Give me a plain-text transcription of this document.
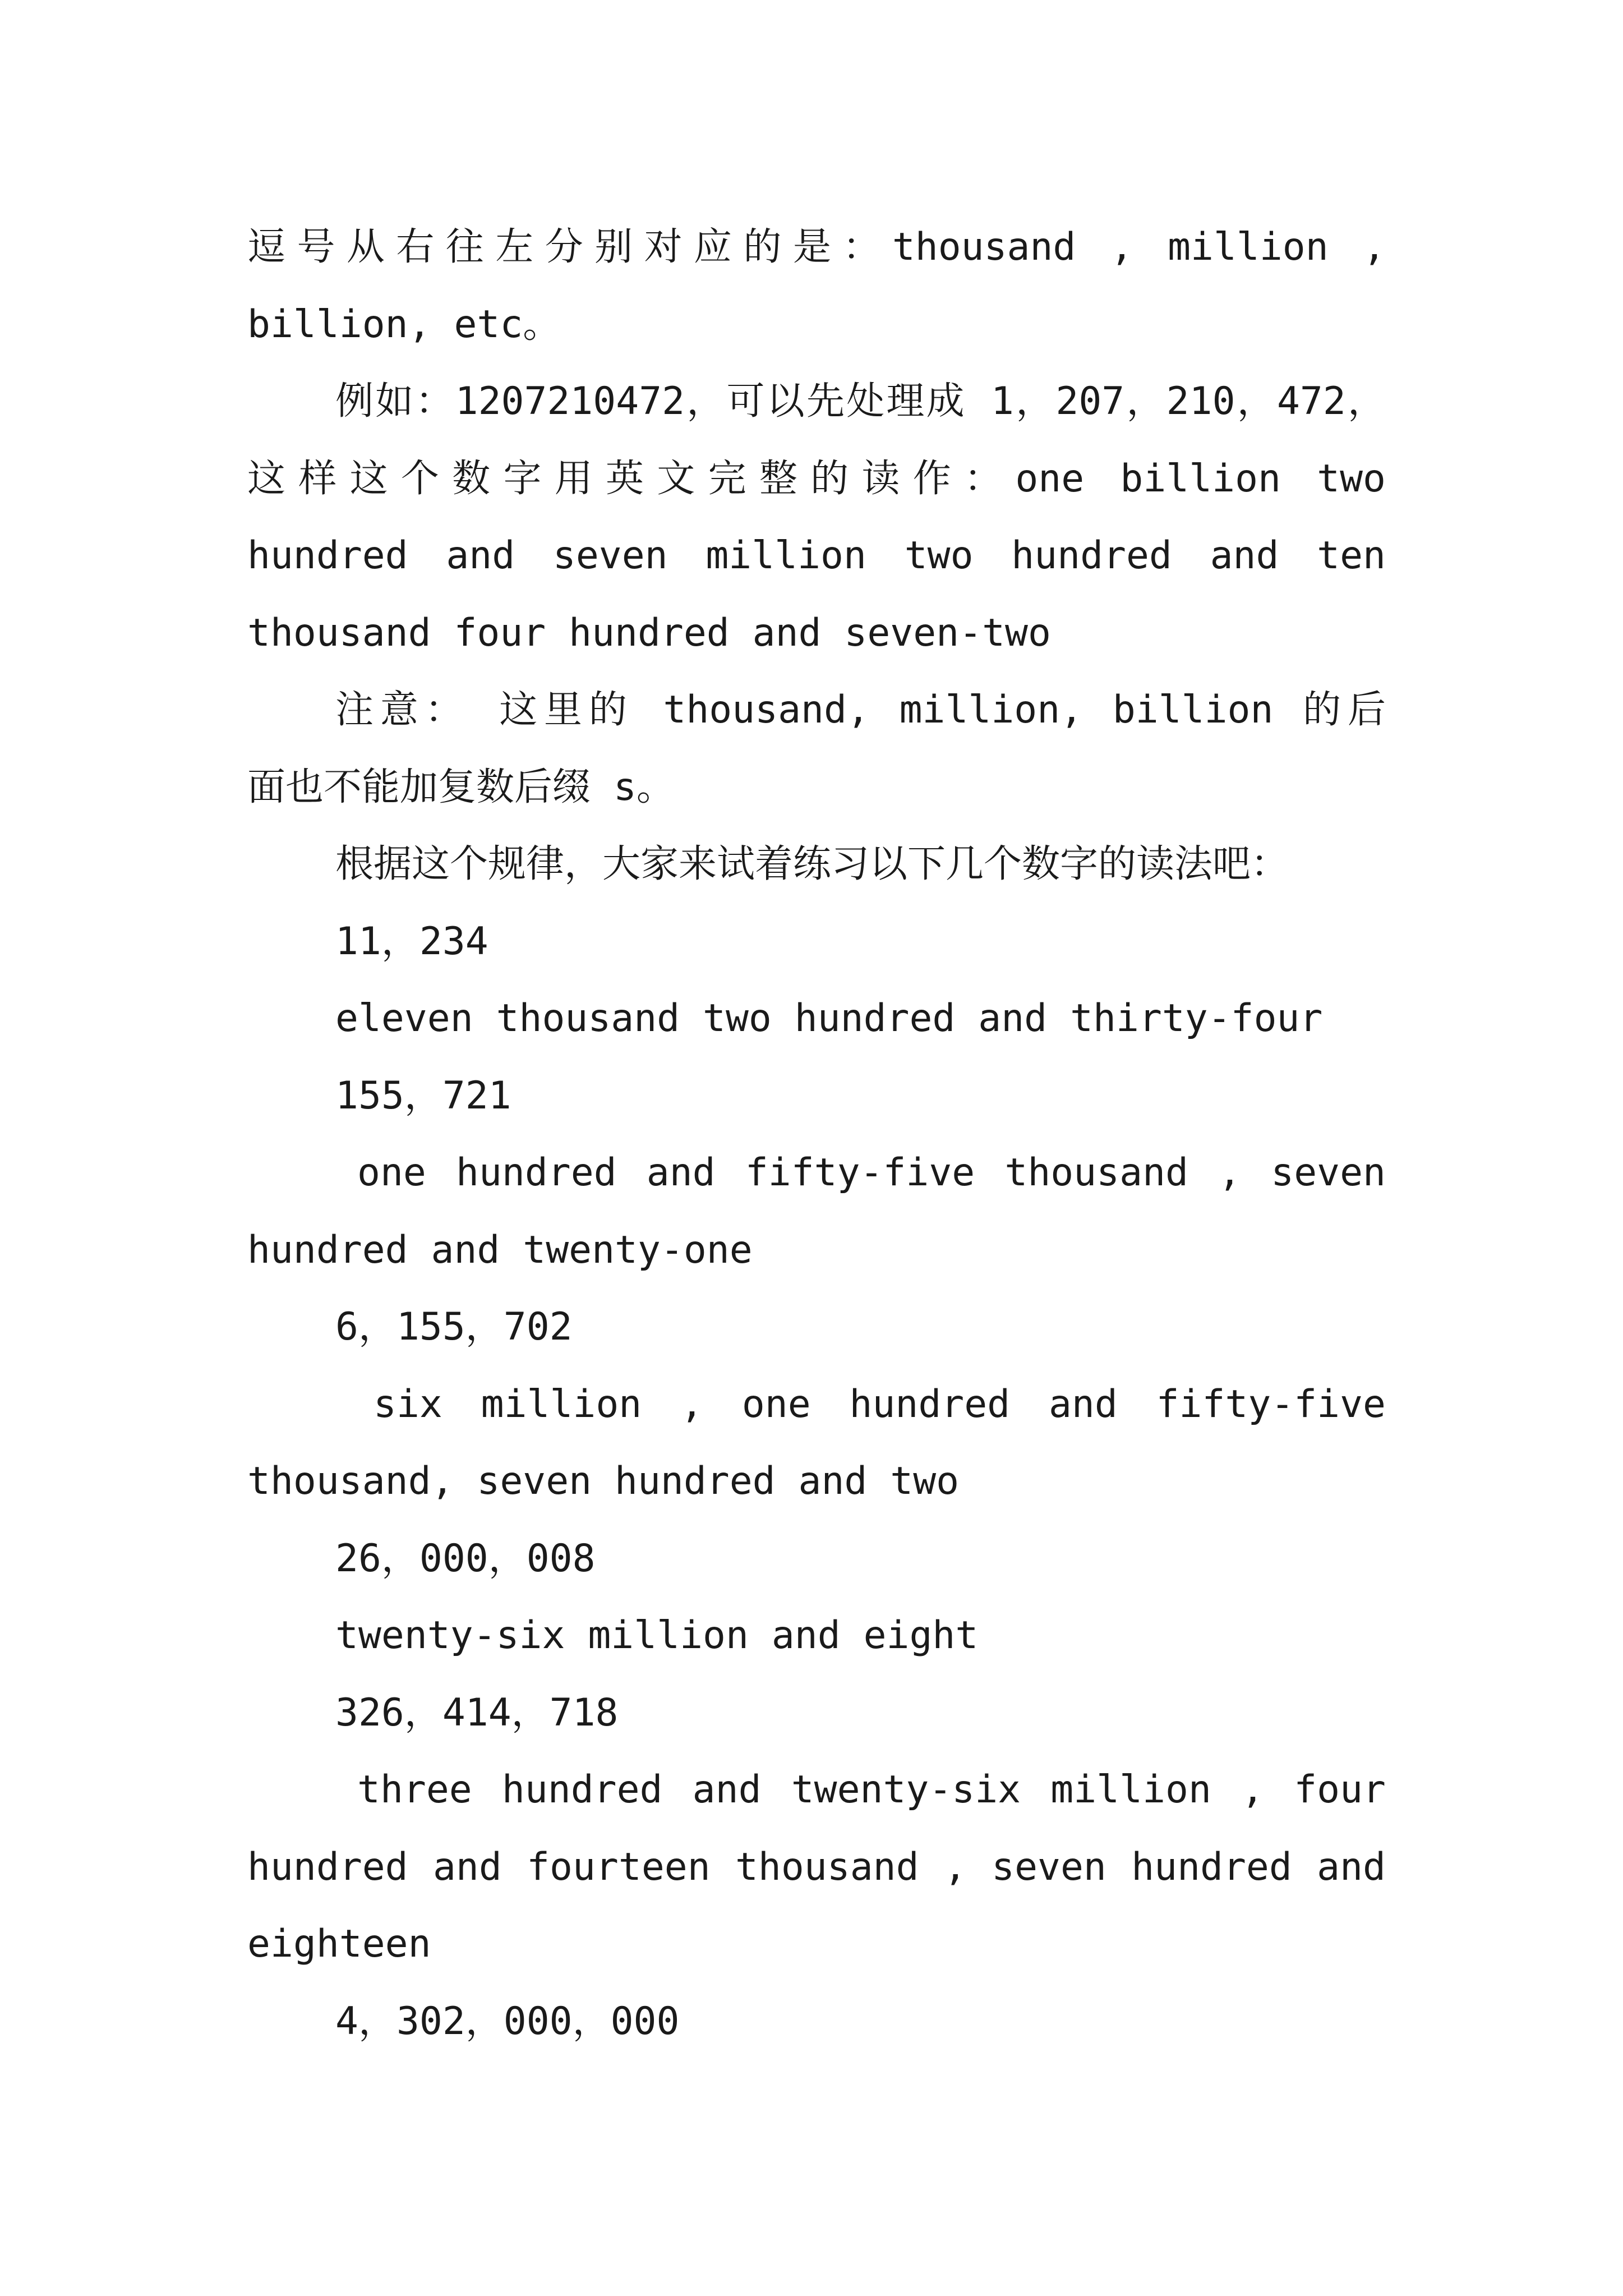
逗号从右往左分别对应的是：thousand , million ,
billion, etc。
例如：1207210472，可以先处理成 1，207，210，472，
这样这个数字用英文完整的读作：one billion two
hundred and seven million two hundred and ten
thousand four hundred and seven-two
注意： 这里的 thousand, million, billion 的后
面也不能加复数后缀 s。
根据这个规律，大家来试着练习以下几个数字的读法吧：
11，234
eleven thousand two hundred and thirty-four
155，721
one hundred and fifty-five thousand , seven
hundred and twenty-one
6，155，702
six million , one hundred and fifty-five
thousand, seven hundred and two
26，000，008
twenty-six million and eight
326，414，718
three hundred and twenty-six million , four
hundred and fourteen thousand , seven hundred and
eighteen
4，302，000，000
